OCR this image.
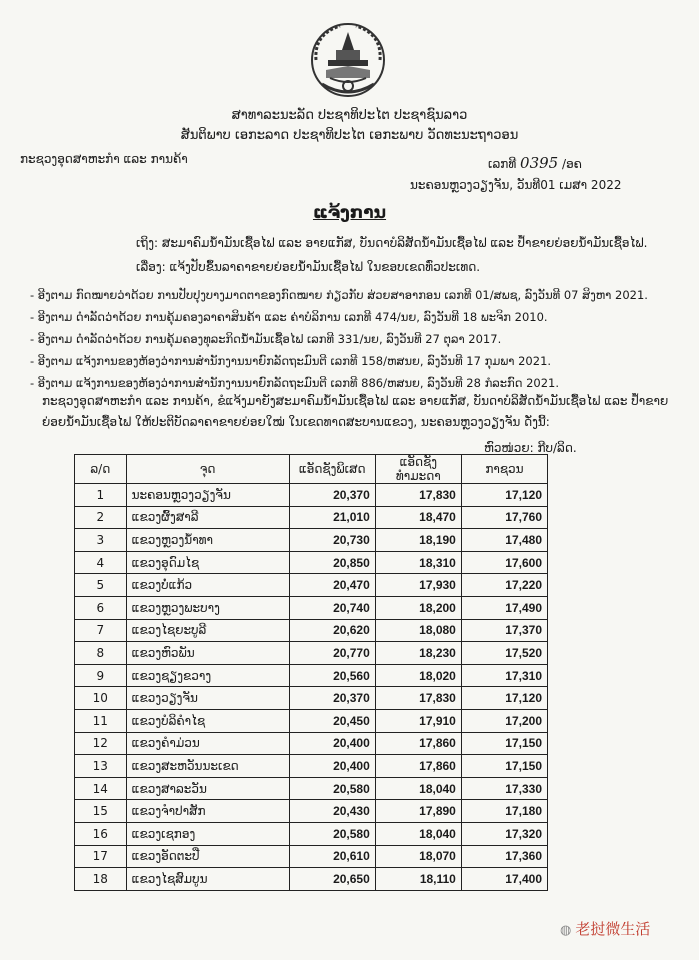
ສາທາລະນະລັດ ປະຊາທິປະໄຕ ປະຊາຊົນລາວ
ສັນຕິພາບ ເອກະລາດ ປະຊາທິປະໄຕ ເອກະພາບ ວັດທະນະຖາວອນ
ກະຊວງອຸດສາຫະກຳ ແລະ ການຄ້າ	ເລກທີ 0395 /ອຄ
ນະຄອນຫຼວງວຽງຈັນ, ວັນທີ01 ເມສາ 2022
ແຈ້ງການ
ເຖິງ: ສະມາຄົມນ້ຳມັນເຊື້ອໄຟ ແລະ ອາຍແກັສ, ບັນດາບໍລິສັດນ້ຳມັນເຊື້ອໄຟ ແລະ ປ້ຳຂາຍຍ່ອຍນ້ຳມັນເຊື້ອໄຟ.
ເລື່ອງ: ແຈ້ງປັບຂຶ້ນລາຄາຂາຍຍ່ອຍນ້ຳມັນເຊື້ອໄຟ ໃນຂອບເຂດທົ່ວປະເທດ.
- ອີງຕາມ ກົດໝາຍວ່າດ້ວຍ ການປັບປຸງບາງມາດຕາຂອງກົດໝາຍ ກ່ຽວກັບ ສ່ວຍສາອາກອນ ເລກທີ 01/ສພຊ, ລົງວັນທີ 07 ສິງຫາ 2021.
- ອີງຕາມ ດຳລັດວ່າດ້ວຍ ການຄຸ້ມຄອງລາຄາສິນຄ້າ ແລະ ຄ່າບໍລິການ ເລກທີ 474/ນຍ, ລົງວັນທີ 18 ພະຈິກ 2010.
- ອີງຕາມ ດຳລັດວ່າດ້ວຍ ການຄຸ້ມຄອງທຸລະກິດນ້ຳມັນເຊື້ອໄຟ ເລກທີ 331/ນຍ, ລົງວັນທີ 27 ຕຸລາ 2017.
- ອີງຕາມ ແຈ້ງການຂອງຫ້ອງວ່າການສຳນັກງານນາຍົກລັດຖະມົນຕີ ເລກທີ 158/ຫສນຍ, ລົງວັນທີ 17 ກຸມພາ 2021.
- ອີງຕາມ ແຈ້ງການຂອງຫ້ອງວ່າການສຳນັກງານນາຍົກລັດຖະມົນຕີ ເລກທີ 886/ຫສນຍ, ລົງວັນທີ 28 ກໍລະກົດ 2021.
ກະຊວງອຸດສາຫະກຳ ແລະ ການຄ້າ, ຂໍແຈ້ງມາຍັງສະມາຄົມນ້ຳມັນເຊື້ອໄຟ ແລະ ອາຍແກັສ, ບັນດາບໍລິສັດນ້ຳມັນເຊື້ອໄຟ ແລະ ປ້ຳຂາຍຍ່ອຍນ້ຳມັນເຊື້ອໄຟ ໃຫ້ປະຕິບັດລາຄາຂາຍຍ່ອຍໃໝ່ ໃນເຂດທາດສະບານແຂວງ, ນະຄອນຫຼວງວຽງຈັນ ດັ່ງນີ້:
ຫົວໜ່ວຍ: ກີບ/ລິດ.
ລ/ດ	ຈຸດ	ແອັດຊັງພິເສດ	ແອັດຊັງທຳມະດາ	ກາຊວນ
1	ນະຄອນຫຼວງວຽງຈັນ	20,370	17,830	17,120
2	ແຂວງຜົ້ງສາລີ	21,010	18,470	17,760
3	ແຂວງຫຼວງນ້ຳທາ	20,730	18,190	17,480
4	ແຂວງອຸດົມໄຊ	20,850	18,310	17,600
5	ແຂວງບໍ່ແກ້ວ	20,470	17,930	17,220
6	ແຂວງຫຼວງພະບາງ	20,740	18,200	17,490
7	ແຂວງໄຊຍະບູລີ	20,620	18,080	17,370
8	ແຂວງຫົວພັນ	20,770	18,230	17,520
9	ແຂວງຊຽງຂວາງ	20,560	18,020	17,310
10	ແຂວງວຽງຈັນ	20,370	17,830	17,120
11	ແຂວງບໍລິຄຳໄຊ	20,450	17,910	17,200
12	ແຂວງຄຳມ່ວນ	20,400	17,860	17,150
13	ແຂວງສະຫວັນນະເຂດ	20,400	17,860	17,150
14	ແຂວງສາລະວັນ	20,580	18,040	17,330
15	ແຂວງຈຳປາສັກ	20,430	17,890	17,180
16	ແຂວງເຊກອງ	20,580	18,040	17,320
17	ແຂວງອັດຕະປື	20,610	18,070	17,360
18	ແຂວງໄຊສົມບູນ	20,650	18,110	17,400
◍ 老挝微生活
